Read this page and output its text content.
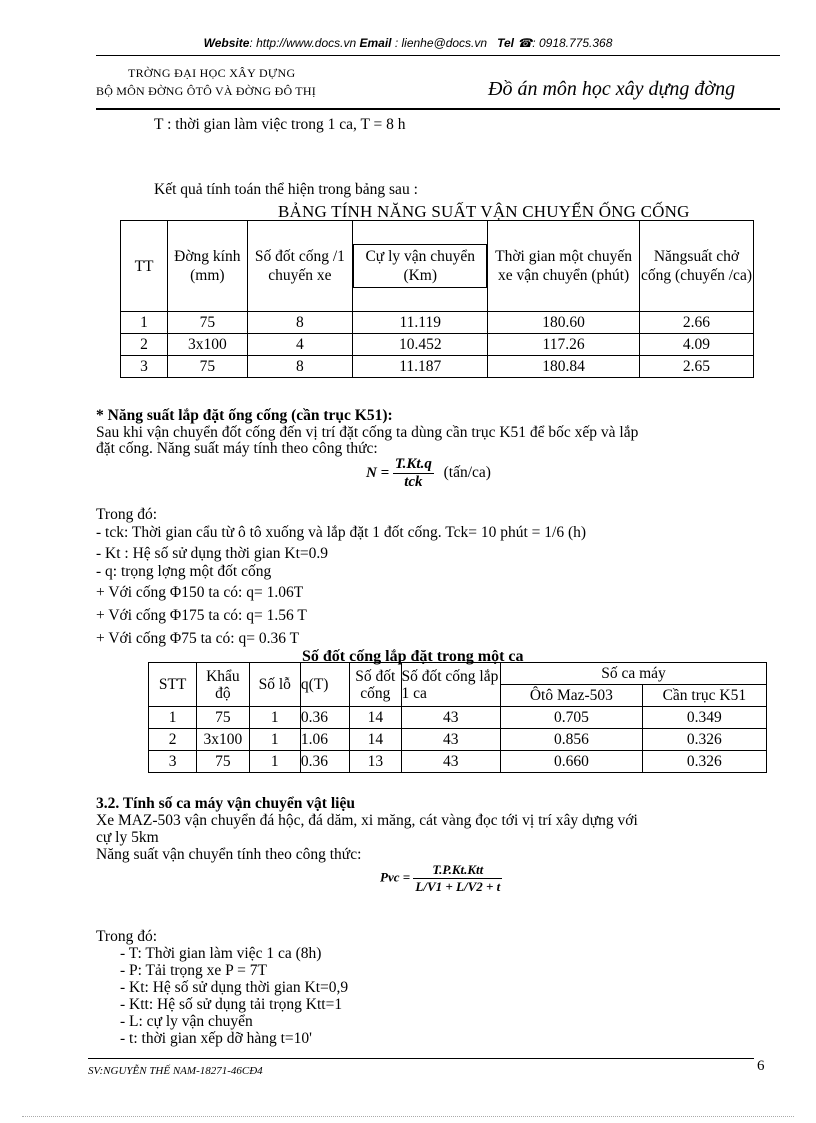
Website: http://www.docs.vn Email : lienhe@docs.vn Tel ☎: 0918.775.368
TRỜNG ĐẠI HỌC XÂY DỰNG
BỘ MÔN ĐỜNG ÔTÔ VÀ ĐỜNG ĐÔ THỊ	Đồ án môn học xây dựng đờng
T : thời gian làm việc trong 1 ca, T = 8 h
Kết quả tính toán thể hiện trong bảng sau :
BẢNG TÍNH NĂNG SUẤT VẬN CHUYỂN ỐNG CỐNG
TT	Đờng kính (mm)	Số đốt cống /1 chuyến xe	Cự ly vận chuyển (Km)	Thời gian một chuyến xe vận chuyển (phút)	Năngsuất chở cống (chuyến /ca)
1	75	8	11.119	180.60	2.66
2	3x100	4	10.452	117.26	4.09
3	75	8	11.187	180.84	2.65
* Năng suất lắp đặt ống cống (cần trục K51):
Sau khi vận chuyển đốt cống đến vị trí đặt cống ta dùng cần trục K51 để bốc xếp và lắp
đặt cống. Năng suất máy tính theo công thức:
$N = \frac{T.Kt.q}{\text{tck}}$ (tấn/ca)
Trong đó:
- tck: Thời gian cẩu từ ô tô xuống và lắp đặt 1 đốt cống. Tck= 10 phút = 1/6 (h)
- Kt : Hệ số sử dụng thời gian Kt=0.9
- q: trọng lợng một đốt cống
+ Với cống Φ150 ta có: q= 1.06T
+ Với cống Φ175 ta có: q= 1.56 T
+ Với cống Φ75 ta có: q= 0.36 T
Số đốt cống lắp đặt trong một ca
STT	Khẩu độ	Số lỗ	q(T)	Số đốt cống	Số đốt cống lắp 1 ca	Số ca máy	
						Ôtô Maz-503	Cần trục K51
1	75	1	0.36	14	43	0.705	0.349
2	3x100	1	1.06	14	43	0.856	0.326
3	75	1	0.36	13	43	0.660	0.326
3.2. Tính số ca máy vận chuyển vật liệu
Xe MAZ-503 vận chuyển đá hộc, đá dăm, xi măng, cát vàng đọc tới vị trí xây dựng với
cự ly 5km
Năng suất vận chuyển tính theo công thức:
Pvc = $\frac{\text{T.P.Kt.Ktt}}{L/V1 + L/V2 + t}$
Trong đó:
- T: Thời gian làm việc 1 ca (8h)
- P: Tải trọng xe P = 7T
- Kt: Hệ số sử dụng thời gian Kt=0,9
- Ktt: Hệ số sử dụng tải trọng Ktt=1
- L: cự ly vận chuyển
- t: thời gian xếp dỡ hàng t=10'
SV:NGUYỄN THẾ NAM-18271-46CĐ4	6
